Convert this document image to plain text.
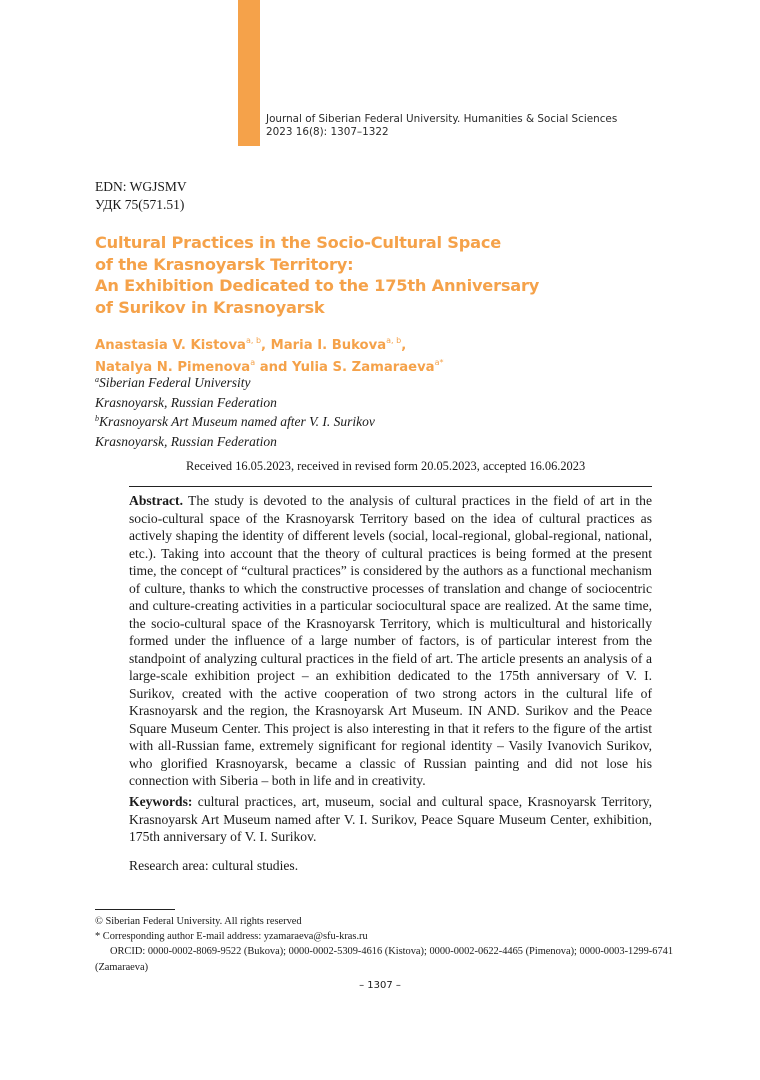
Journal of Siberian Federal University. Humanities & Social Sciences
2023 16(8): 1307–1322
EDN: WGJSMV
УДК 75(571.51)
Cultural Practices in the Socio-Cultural Space
of the Krasnoyarsk Territory:
An Exhibition Dedicated to the 175th Anniversary
of Surikov in Krasnoyarsk
Anastasia V. Kistova$^{a, b}$, Maria I. Bukova$^{a, b}$,
Natalya N. Pimenova$^a$ and Yulia S. Zamaraeva$^{a*}$
$^a$Siberian Federal University
Krasnoyarsk, Russian Federation
$^b$Krasnoyarsk Art Museum named after V. I. Surikov
Krasnoyarsk, Russian Federation
Received 16.05.2023, received in revised form 20.05.2023, accepted 16.06.2023
Abstract. The study is devoted to the analysis of cultural practices in the field of art in the socio-cultural space of the Krasnoyarsk Territory based on the idea of cultural practices as actively shaping the identity of different levels (social, local-regional, global-regional, national, etc.). Taking into account that the theory of cultural practices is being formed at the present time, the concept of “cultural practices” is considered by the authors as a functional mechanism of culture, thanks to which the constructive processes of translation and change of sociocentric and culture-creating activities in a particular sociocultural space are realized. At the same time, the socio-cultural space of the Krasnoyarsk Territory, which is multicultural and historically formed under the influence of a large number of factors, is of particular interest from the standpoint of analyzing cultural practices in the field of art. The article presents an analysis of a large-scale exhibition project – an exhibition dedicated to the 175th anniversary of V. I. Surikov, created with the active cooperation of two strong actors in the cultural life of Krasnoyarsk and the region, the Krasnoyarsk Art Museum. IN AND. Surikov and the Peace Square Museum Center. This project is also interesting in that it refers to the figure of the artist with all-Russian fame, extremely significant for regional identity – Vasily Ivanovich Surikov, who glorified Krasnoyarsk, became a classic of Russian painting and did not lose his connection with Siberia – both in life and in creativity.
Keywords: cultural practices, art, museum, social and cultural space, Krasnoyarsk Territory, Krasnoyarsk Art Museum named after V. I. Surikov, Peace Square Museum Center, exhibition, 175th anniversary of V. I. Surikov.
Research area: cultural studies.
© Siberian Federal University. All rights reserved
* Corresponding author E-mail address: yzamaraeva@sfu-kras.ru
ORCID: 0000-0002-8069-9522 (Bukova); 0000-0002-5309-4616 (Kistova); 0000-0002-0622-4465 (Pimenova); 0000-0003-1299-6741 (Zamaraeva)
– 1307 –
